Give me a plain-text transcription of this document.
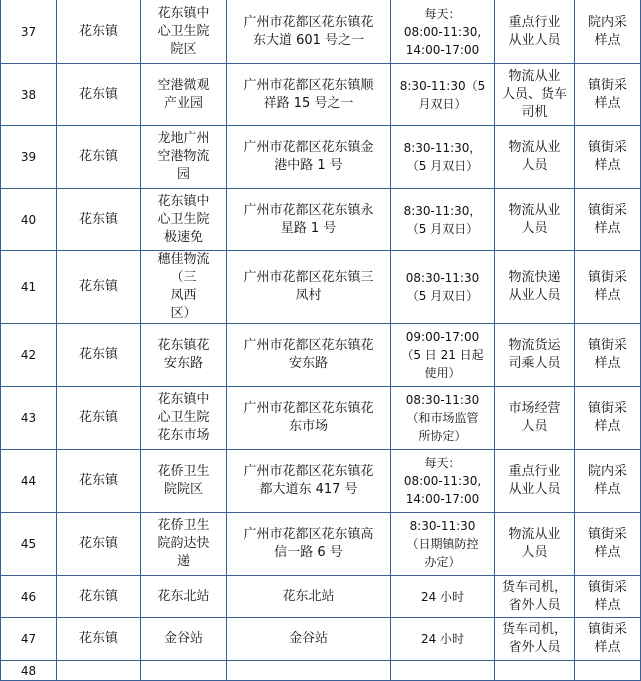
37	花东镇	花东镇中
心卫生院
院区	广州市花都区花东镇花
东大道 601 号之一	每天：
08:00-11:30,
14:00-17:00	重点行业
从业人员	院内采
样点

38	花东镇	空港微观
产业园	广州市花都区花东镇顺
祥路 15 号之一	8:30-11:30（5
月双日）	物流从业
人员、货车
司机	镇街采
样点

39	花东镇	龙地广州
空港物流
园	广州市花都区花东镇金
港中路 1 号	8:30-11:30，
（5 月双日）	物流从业
人员	镇街采
样点

40	花东镇	花东镇中
心卫生院
极速免	广州市花都区花东镇永
星路 1 号	8:30-11:30，
（5 月双日）	物流从业
人员	镇街采
样点

41	花东镇	穗佳物流
（三
凤西
区）	广州市花都区花东镇三
凤村	08:30-11:30
（5 月双日）	物流快递
从业人员	镇街采
样点

42	花东镇	花东镇花
安东路	广州市花都区花东镇花
安东路	09:00-17:00
（5 日 21 日起
使用）	物流货运
司乘人员	镇街采
样点

43	花东镇	花东镇中
心卫生院
花东市场	广州市花都区花东镇花
东市场	08:30-11:30
（和市场监管
所协定）	市场经营
人员	镇街采
样点

44	花东镇	花侨卫生
院院区	广州市花都区花东镇花
都大道东 417 号	每天：
08:00-11:30,
14:00-17:00	重点行业
从业人员	院内采
样点

45	花东镇	花侨卫生
院韵达快
递	广州市花都区花东镇高
信一路 6 号	8:30-11:30
（日期镇防控
办定）	物流从业
人员	镇街采
样点

46	花东镇	花东北站	花东北站	24 小时	货车司机，
省外人员	镇街采
样点

47	花东镇	金谷站	金谷站	24 小时	货车司机，
省外人员	镇街采
样点

48						
